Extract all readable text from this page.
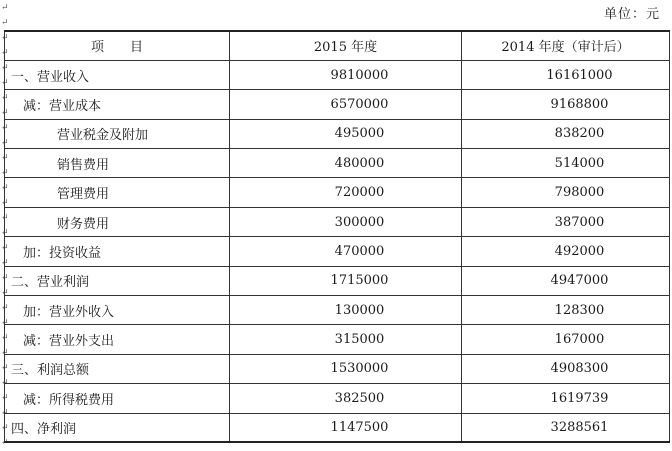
↵
↵
↵
↵
↵
↵
↵
↵
↵
↵
↵
↵
↵
↵
↵
↵
↵
↵
↵
↵
↵
↵
↵
↵
↵
↵
↵
↵
↵
↵
单位：元
项　　目	2015 年度	2014 年度（审计后）
一、营业收入	9810000	16161000
减：营业成本	6570000	9168800
营业税金及附加	495000	838200
销售费用	480000	514000
管理费用	720000	798000
财务费用	300000	387000
加：投资收益	470000	492000
二、营业利润	1715000	4947000
加：营业外收入	130000	128300
减：营业外支出	315000	167000
三、利润总额	1530000	4908300
减：所得税费用	382500	1619739
四、净利润	1147500	3288561
